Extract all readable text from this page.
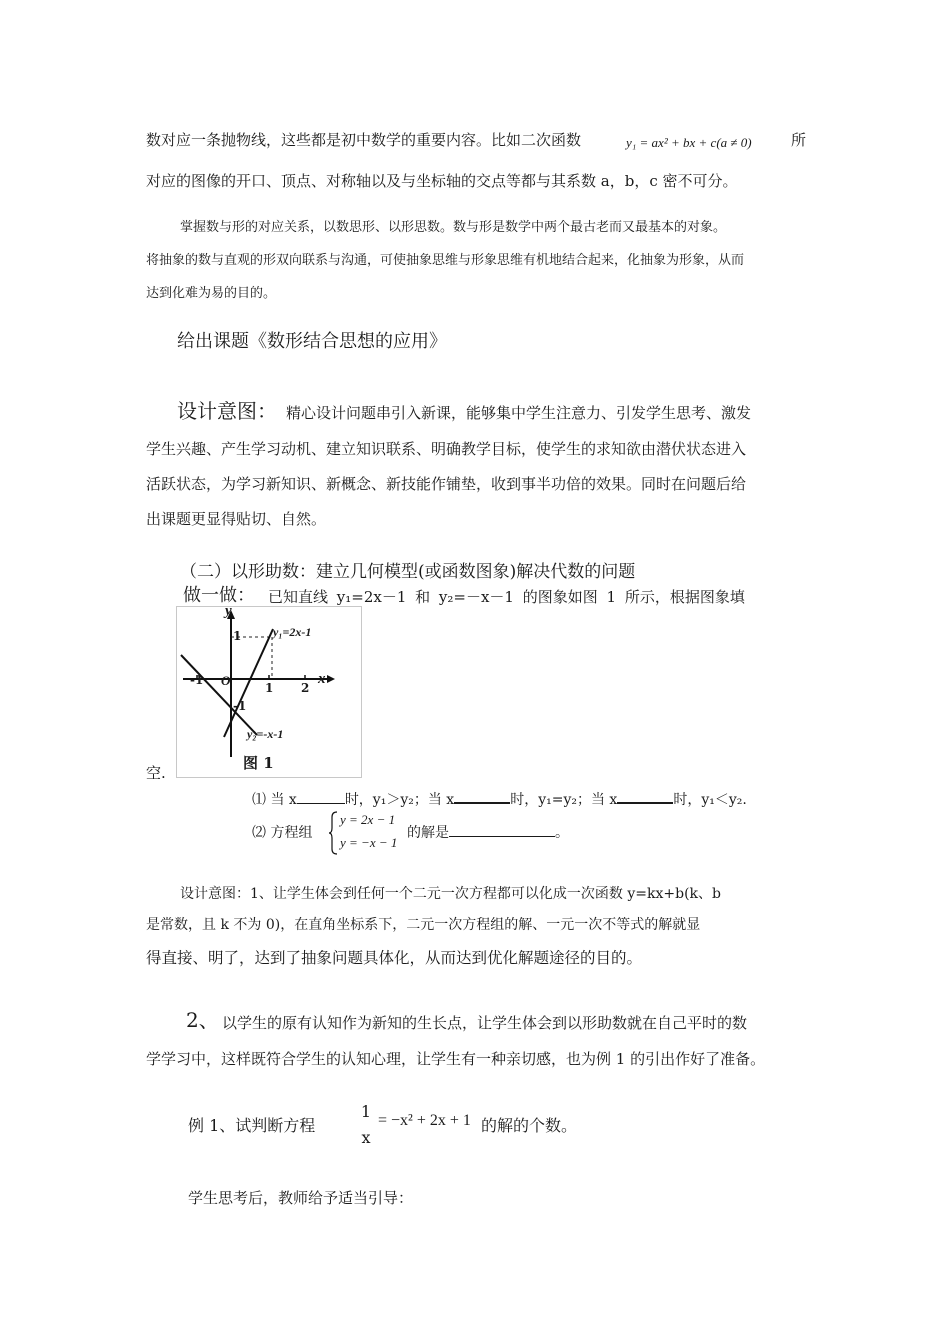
数对应一条抛物线，这些都是初中数学的重要内容。比如二次函数	y₁ = ax² + bx + c(a ≠ 0)	所
对应的图像的开口、顶点、对称轴以及与坐标轴的交点等都与其系数 a，b，c 密不可分。
掌握数与形的对应关系，以数思形、以形思数。数与形是数学中两个最古老而又最基本的对象。
将抽象的数与直观的形双向联系与沟通，可使抽象思维与形象思维有机地结合起来，化抽象为形象，从而
达到化难为易的目的。
给出课题《数形结合思想的应用》
设计意图： 精心设计问题串引入新课，能够集中学生注意力、引发学生思考、激发
学生兴趣、产生学习动机、建立知识联系、明确教学目标，使学生的求知欲由潜伏状态进入
活跃状态，为学习新知识、新概念、新技能作铺垫，收到事半功倍的效果。同时在问题后给
出课题更显得贴切、自然。
（二）以形助数：建立几何模型(或函数图象)解决代数的问题
做一做： 已知直线 y₁=2x－1 和 y₂=－x－1 的图象如图 1 所示，根据图象填
空.
y
x
O
1
-1
-1
1 2
y₁=2x-1
y₂=-x-1
图 1
⑴ 当 x	时，y₁＞y₂；当 x	时，y₁=y₂；当 x	时，y₁＜y₂.
⑵ 方程组
y = 2x − 1
y = −x − 1
的解是	。
设计意图：1、让学生体会到任何一个二元一次方程都可以化成一次函数 y=kx+b(k、b
是常数，且 k 不为 0)，在直角坐标系下，二元一次方程组的解、一元一次不等式的解就显
得直接、明了，达到了抽象问题具体化，从而达到优化解题途径的目的。
2、 以学生的原有认知作为新知的生长点，让学生体会到以形助数就在自己平时的数
学学习中，这样既符合学生的认知心理，让学生有一种亲切感，也为例 1 的引出作好了准备。
例 1、试判断方程
1
x
= −x² + 2x + 1 的解的个数。
学生思考后，教师给予适当引导：
